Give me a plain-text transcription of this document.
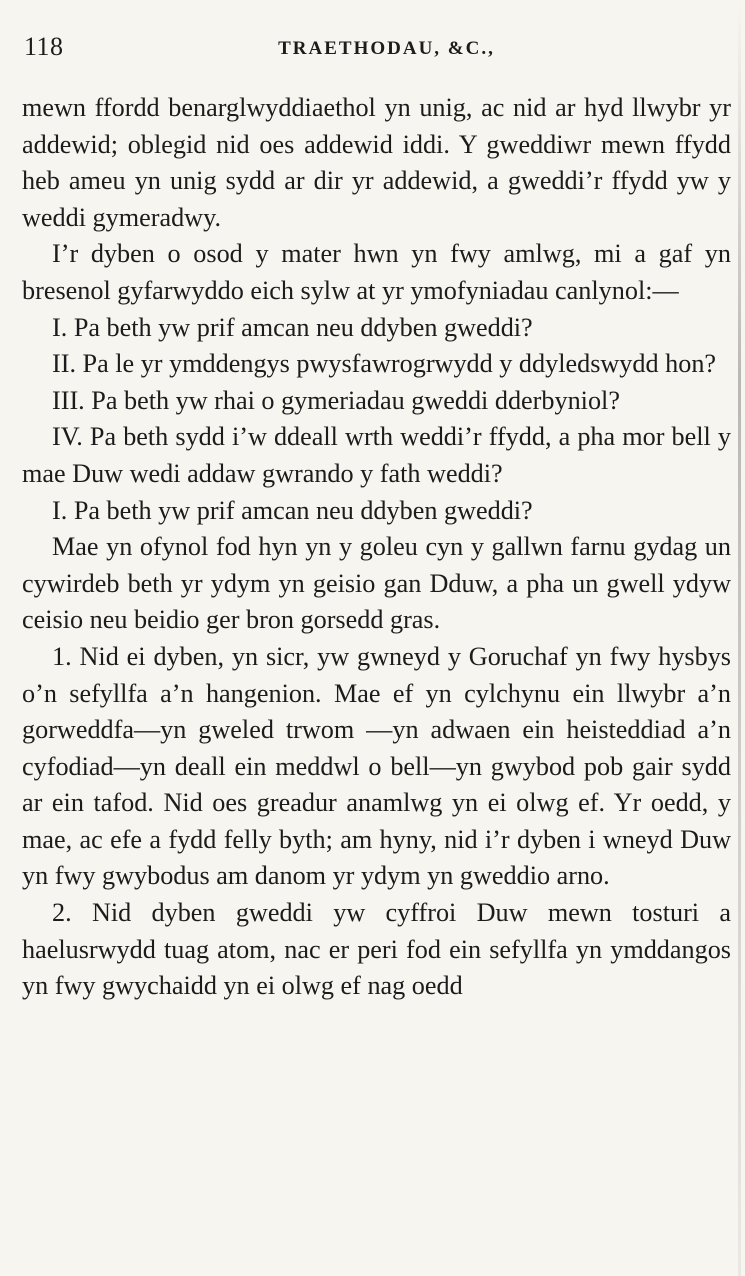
118	TRAETHODAU, &C.,

mewn ffordd benarglwyddiaethol yn unig, ac nid ar hyd llwybr yr addewid; oblegid nid oes addewid iddi. Y gweddiwr mewn ffydd heb ameu yn unig sydd ar dir yr addewid, a gweddi’r ffydd yw y weddi gymeradwy.

I’r dyben o osod y mater hwn yn fwy amlwg, mi a gaf yn bresenol gyfarwyddo eich sylw at yr ymofyniadau canlynol:—

I. Pa beth yw prif amcan neu ddyben gweddi?

II. Pa le yr ymddengys pwysfawrogrwydd y ddyledswydd hon?

III. Pa beth yw rhai o gymeriadau gweddi dderbyniol?

IV. Pa beth sydd i’w ddeall wrth weddi’r ffydd, a pha mor bell y mae Duw wedi addaw gwrando y fath weddi?

I. Pa beth yw prif amcan neu ddyben gweddi?

Mae yn ofynol fod hyn yn y goleu cyn y gallwn farnu gydag un cywirdeb beth yr ydym yn geisio gan Dduw, a pha un gwell ydyw ceisio neu beidio ger bron gorsedd gras.

1. Nid ei dyben, yn sicr, yw gwneyd y Goruchaf yn fwy hysbys o’n sefyllfa a’n hangenion. Mae ef yn cylchynu ein llwybr a’n gorweddfa—yn gweled trwom —yn adwaen ein heisteddiad a’n cyfodiad—yn deall ein meddwl o bell—yn gwybod pob gair sydd ar ein tafod. Nid oes greadur anamlwg yn ei olwg ef. Yr oedd, y mae, ac efe a fydd felly byth; am hyny, nid i’r dyben i wneyd Duw yn fwy gwybodus am danom yr ydym yn gweddio arno.

2. Nid dyben gweddi yw cyffroi Duw mewn tosturi a haelusrwydd tuag atom, nac er peri fod ein sefyllfa yn ymddangos yn fwy gwychaidd yn ei olwg ef nag oedd
